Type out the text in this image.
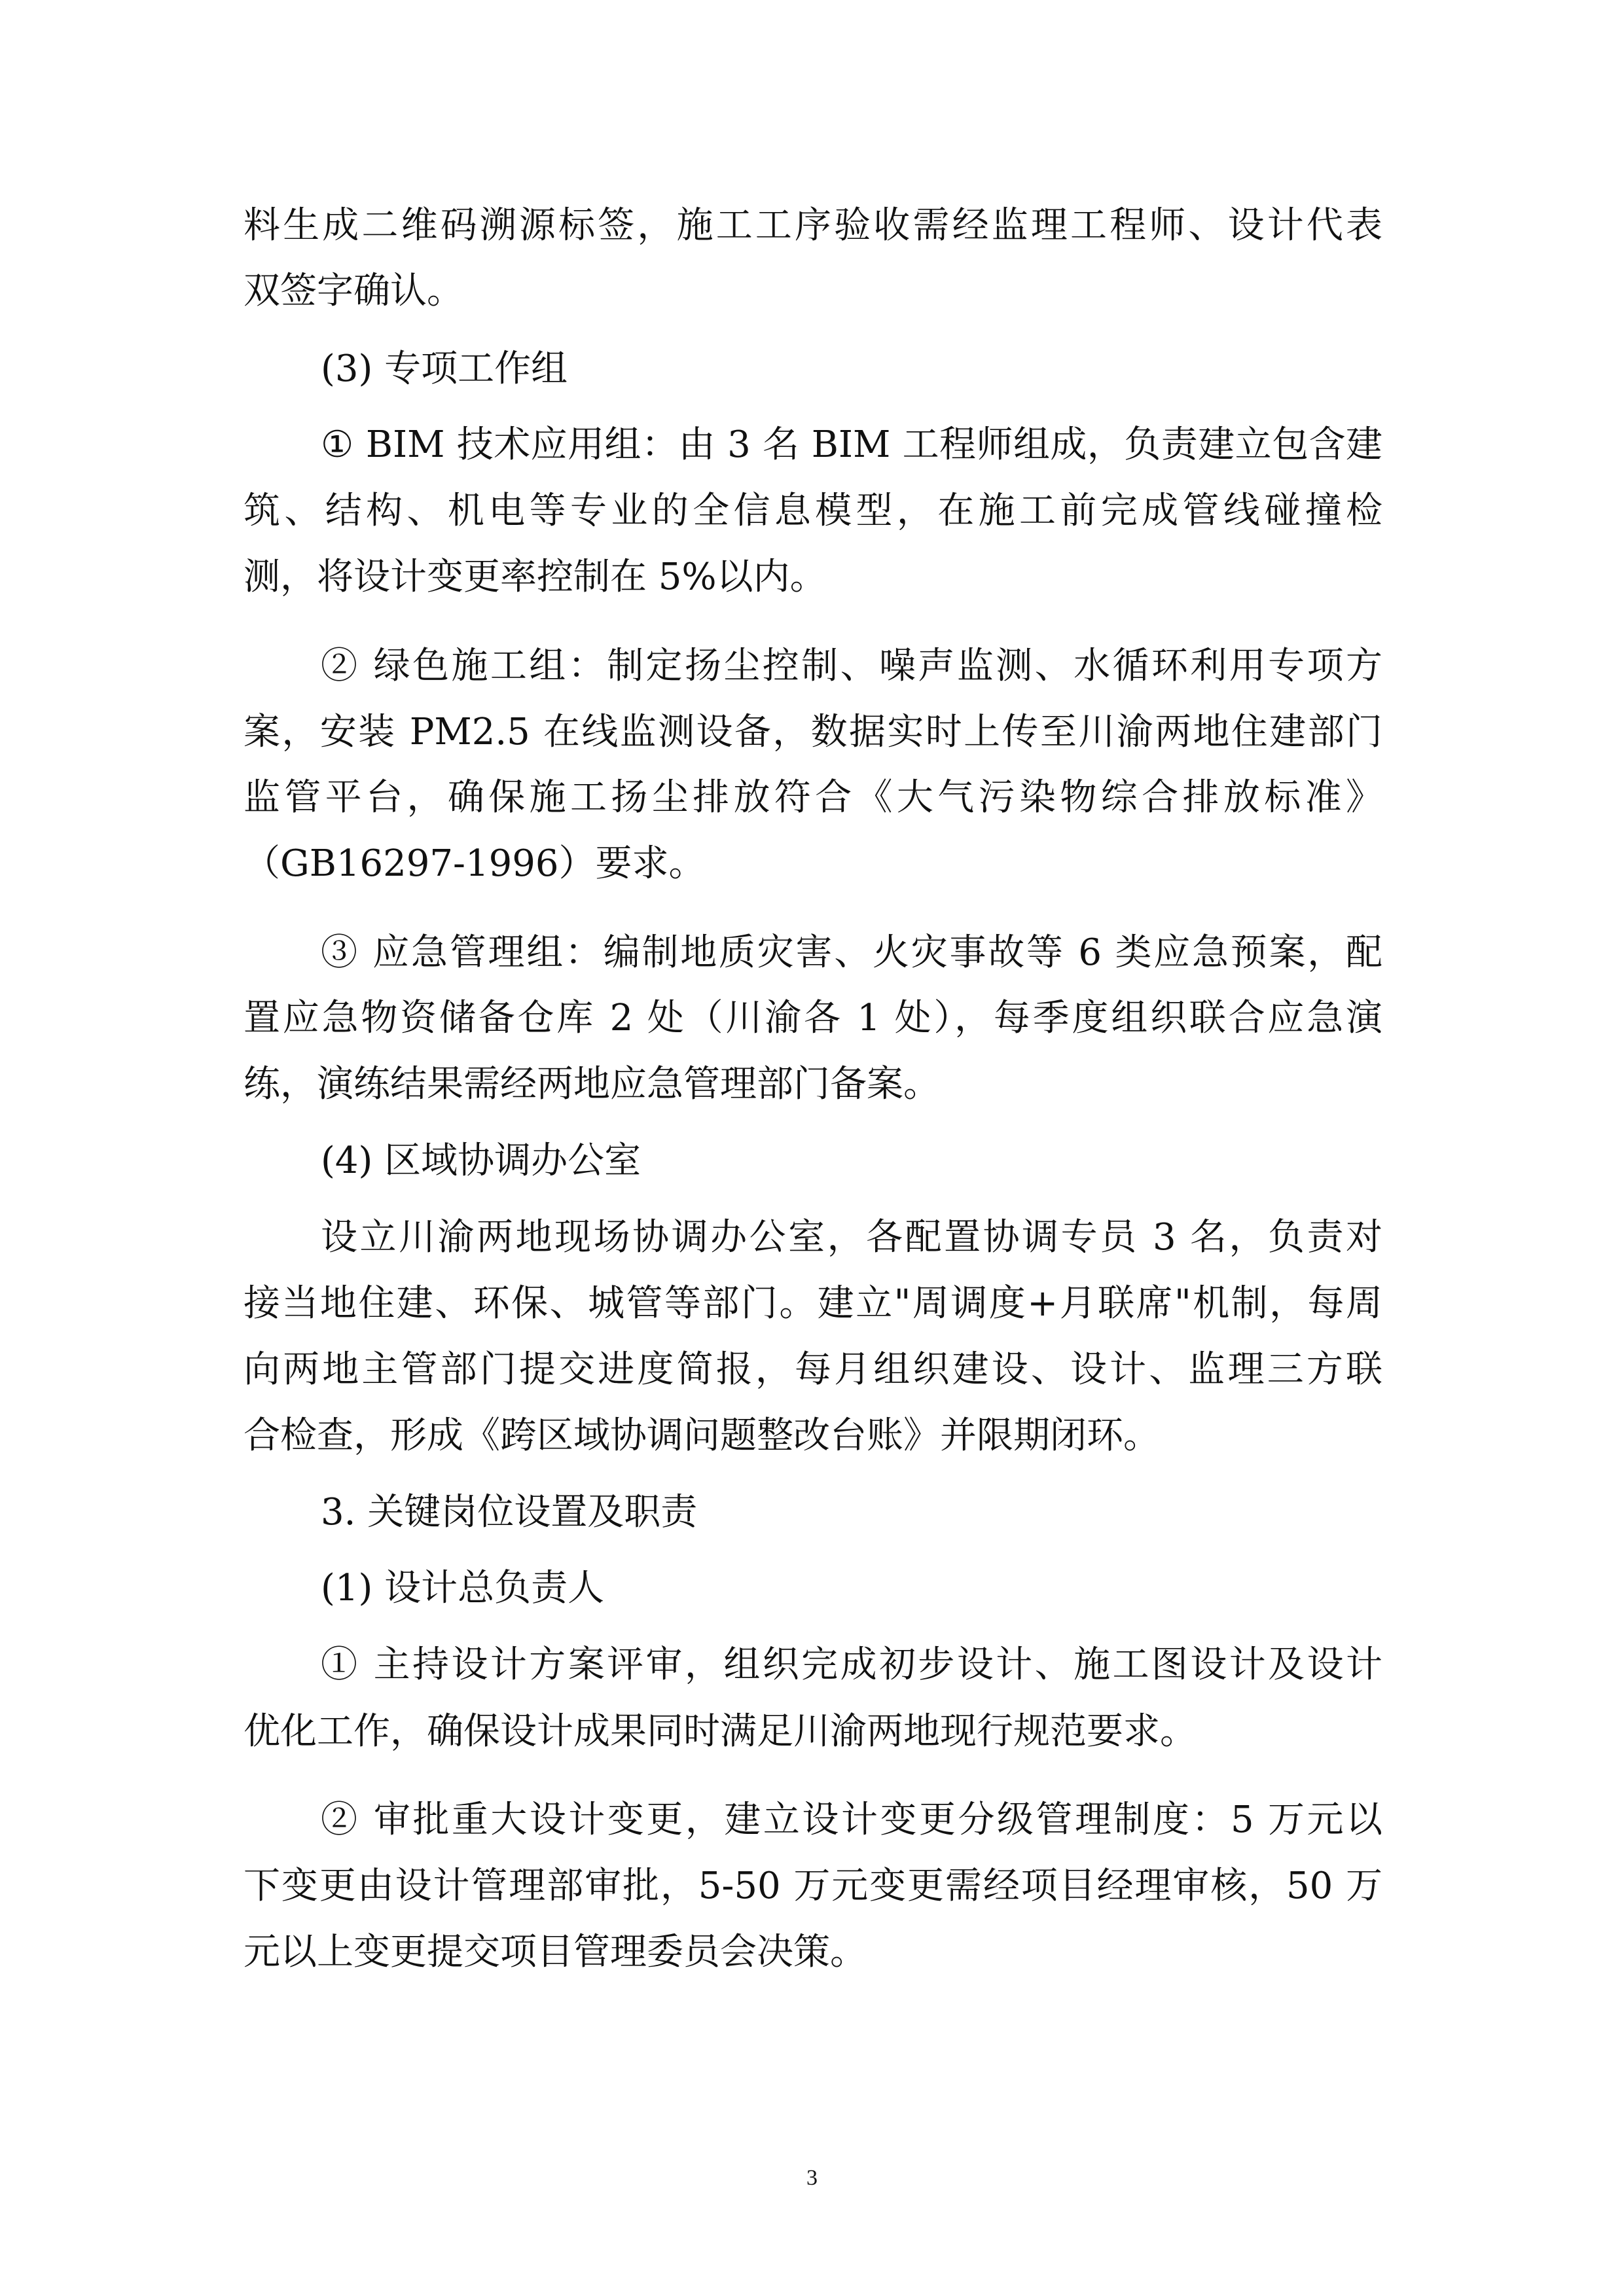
料生成二维码溯源标签，施工工序验收需经监理工程师、设计代表
双签字确认。
(3) 专项工作组
① BIM 技术应用组：由 3 名 BIM 工程师组成，负责建立包含建
筑、结构、机电等专业的全信息模型，在施工前完成管线碰撞检
测，将设计变更率控制在 5%以内。
② 绿色施工组：制定扬尘控制、噪声监测、水循环利用专项方
案，安装 PM2.5 在线监测设备，数据实时上传至川渝两地住建部门
监管平台，确保施工扬尘排放符合《大气污染物综合排放标准》
（GB16297-1996）要求。
③ 应急管理组：编制地质灾害、火灾事故等 6 类应急预案，配
置应急物资储备仓库 2 处（川渝各 1 处），每季度组织联合应急演
练，演练结果需经两地应急管理部门备案。
(4) 区域协调办公室
设立川渝两地现场协调办公室，各配置协调专员 3 名，负责对
接当地住建、环保、城管等部门。建立"周调度+月联席"机制，每周
向两地主管部门提交进度简报，每月组织建设、设计、监理三方联
合检查，形成《跨区域协调问题整改台账》并限期闭环。
3. 关键岗位设置及职责
(1) 设计总负责人
① 主持设计方案评审，组织完成初步设计、施工图设计及设计
优化工作，确保设计成果同时满足川渝两地现行规范要求。
② 审批重大设计变更，建立设计变更分级管理制度：5 万元以
下变更由设计管理部审批，5-50 万元变更需经项目经理审核，50 万
元以上变更提交项目管理委员会决策。
3
